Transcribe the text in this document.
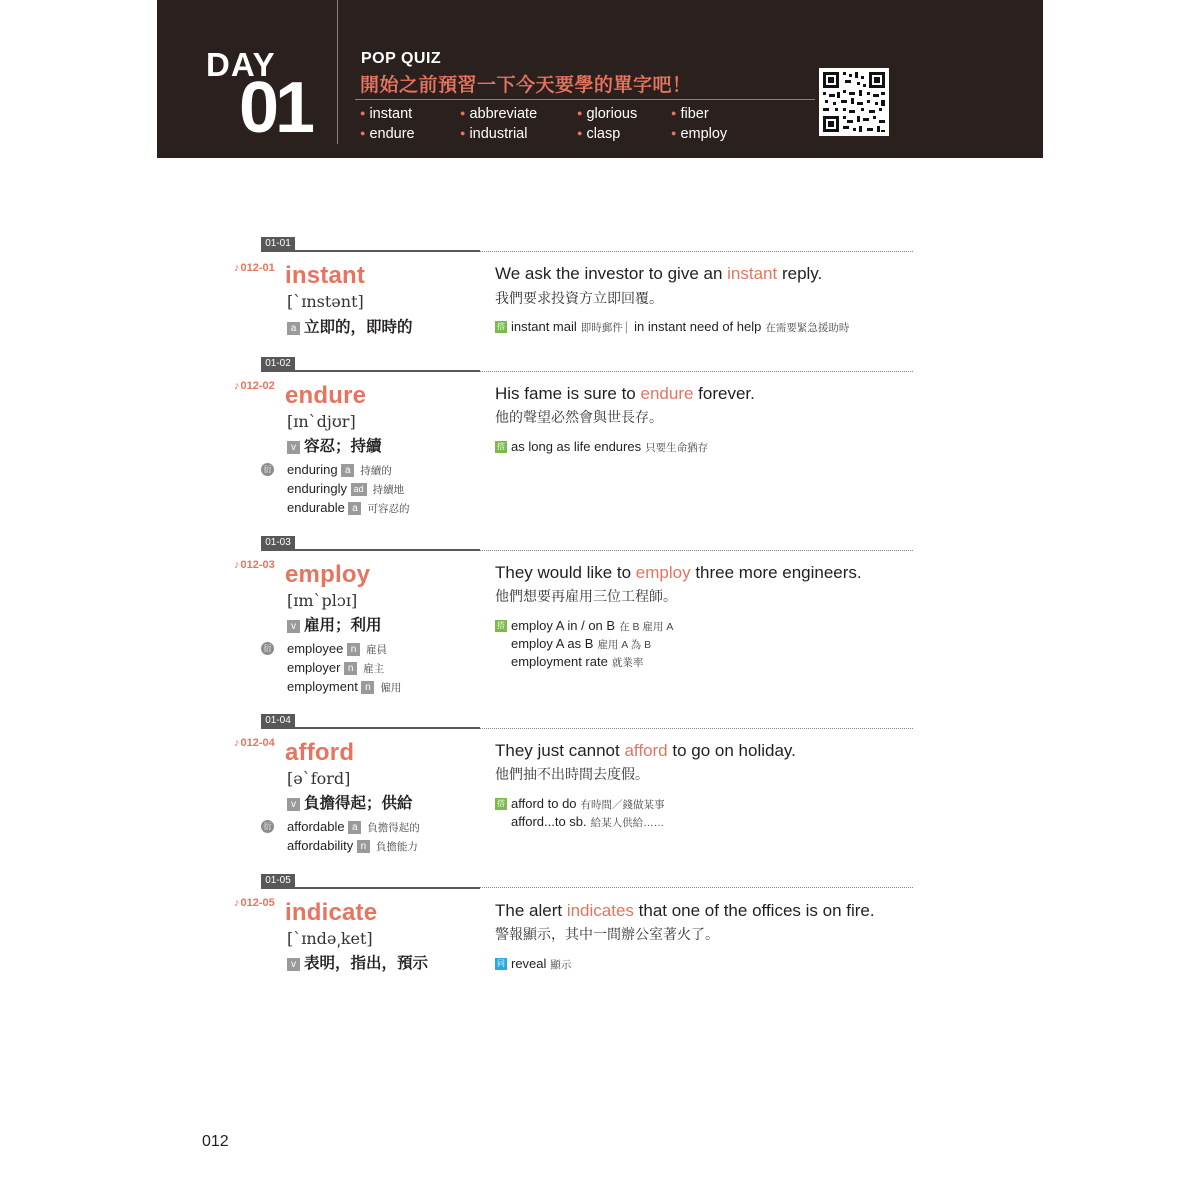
DAY
01
POP QUIZ
開始之前預習一下今天要學的單字吧！
● instant	● abbreviate	● glorious	● fiber
● endure	● industrial	● clasp	● employ
01-01
♪ 012-01 instant
[ˋɪnstənt]
a 立即的，即時的
We ask the investor to give an instant reply.
我們要求投資方立即回覆。
搭 instant mail 即時郵件 | in instant need of help 在需要緊急援助時
01-02
♪ 012-02 endure
[ɪnˋdjʊr]
v 容忍；持續
衍 enduring a 持續的
enduringly ad 持續地
endurable a 可容忍的
His fame is sure to endure forever.
他的聲望必然會與世長存。
搭 as long as life endures 只要生命猶存
01-03
♪ 012-03 employ
[ɪmˋplɔɪ]
v 雇用；利用
衍 employee n 雇員
employer n 雇主
employment n 僱用
They would like to employ three more engineers.
他們想要再雇用三位工程師。
搭 employ A in / on B 在 B 雇用 A
employ A as B 雇用 A 為 B
employment rate 就業率
01-04
♪ 012-04 afford
[əˋford]
v 負擔得起；供給
衍 affordable a 負擔得起的
affordability n 負擔能力
They just cannot afford to go on holiday.
他們抽不出時間去度假。
搭 afford to do 有時間／錢做某事
afford...to sb. 給某人供給……
01-05
♪ 012-05 indicate
[ˋɪndə͵ket]
v 表明，指出，預示
The alert indicates that one of the offices is on fire.
警報顯示，其中一間辦公室著火了。
同 reveal 顯示
012
